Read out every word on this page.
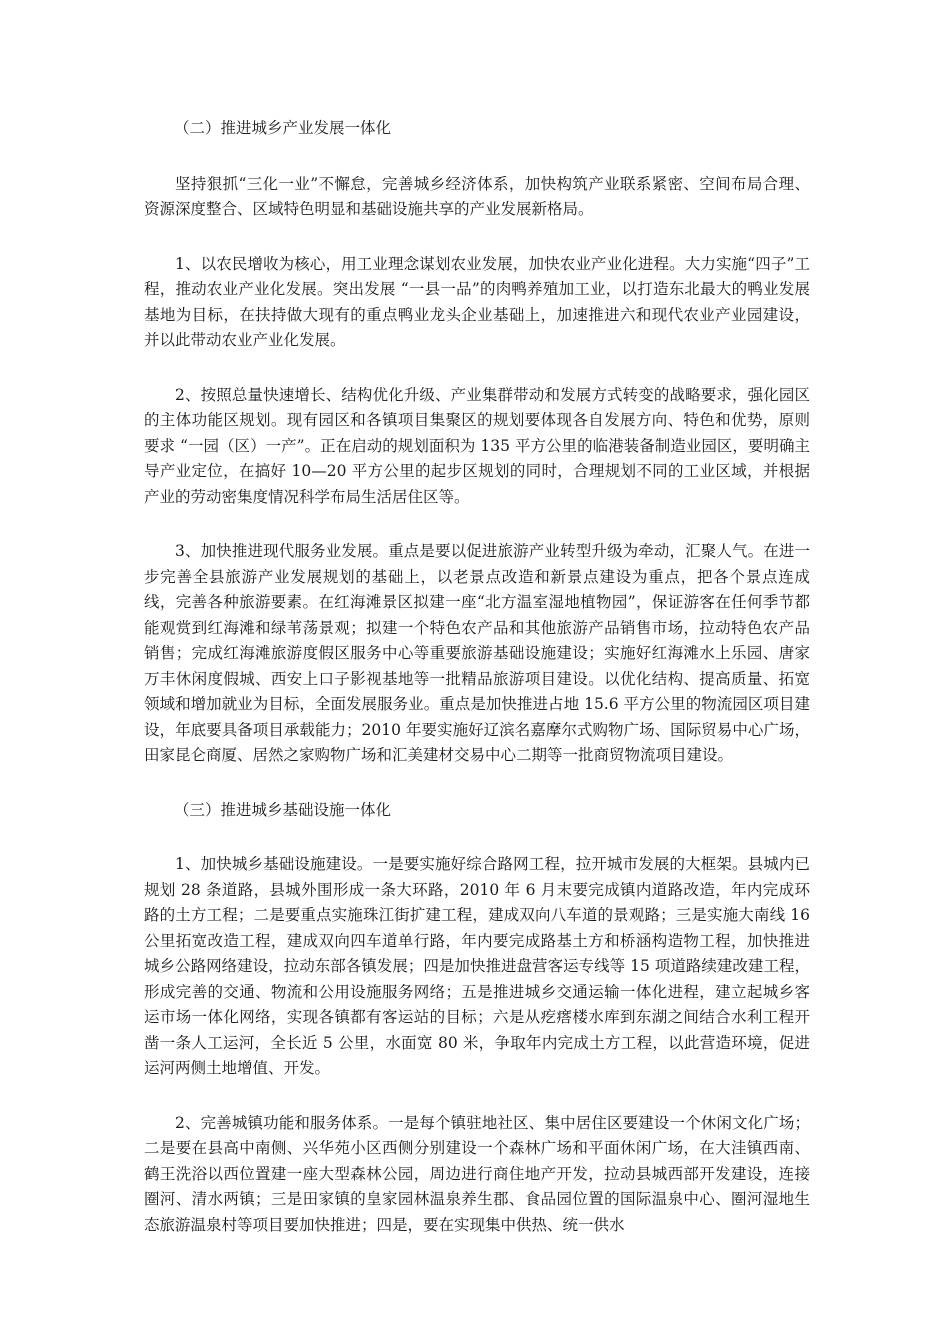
（二）推进城乡产业发展一体化

坚持狠抓“三化一业”不懈怠，完善城乡经济体系，加快构筑产业联系紧密、空间布局合理、资源深度整合、区域特色明显和基础设施共享的产业发展新格局。

1、以农民增收为核心，用工业理念谋划农业发展，加快农业产业化进程。大力实施“四子”工程，推动农业产业化发展。突出发展 “一县一品”的肉鸭养殖加工业，以打造东北最大的鸭业发展基地为目标，在扶持做大现有的重点鸭业龙头企业基础上，加速推进六和现代农业产业园建设，并以此带动农业产业化发展。

2、按照总量快速增长、结构优化升级、产业集群带动和发展方式转变的战略要求，强化园区的主体功能区规划。现有园区和各镇项目集聚区的规划要体现各自发展方向、特色和优势，原则要求 “一园（区）一产”。正在启动的规划面积为 135 平方公里的临港装备制造业园区，要明确主导产业定位，在搞好 10—20 平方公里的起步区规划的同时，合理规划不同的工业区域，并根据产业的劳动密集度情况科学布局生活居住区等。

3、加快推进现代服务业发展。重点是要以促进旅游产业转型升级为牵动，汇聚人气。在进一步完善全县旅游产业发展规划的基础上，以老景点改造和新景点建设为重点，把各个景点连成线，完善各种旅游要素。在红海滩景区拟建一座“北方温室湿地植物园”，保证游客在任何季节都能观赏到红海滩和绿苇荡景观；拟建一个特色农产品和其他旅游产品销售市场，拉动特色农产品销售；完成红海滩旅游度假区服务中心等重要旅游基础设施建设；实施好红海滩水上乐园、唐家万丰休闲度假城、西安上口子影视基地等一批精品旅游项目建设。以优化结构、提高质量、拓宽领域和增加就业为目标，全面发展服务业。重点是加快推进占地 15.6 平方公里的物流园区项目建设，年底要具备项目承载能力；2010 年要实施好辽滨名嘉摩尔式购物广场、国际贸易中心广场，田家昆仑商厦、居然之家购物广场和汇美建材交易中心二期等一批商贸物流项目建设。

（三）推进城乡基础设施一体化

1、加快城乡基础设施建设。一是要实施好综合路网工程，拉开城市发展的大框架。县城内已规划 28 条道路，县城外围形成一条大环路，2010 年 6 月末要完成镇内道路改造，年内完成环路的土方工程；二是要重点实施珠江街扩建工程，建成双向八车道的景观路；三是实施大南线 16 公里拓宽改造工程，建成双向四车道单行路，年内要完成路基土方和桥涵构造物工程，加快推进城乡公路网络建设，拉动东部各镇发展；四是加快推进盘营客运专线等 15 项道路续建改建工程，形成完善的交通、物流和公用设施服务网络；五是推进城乡交通运输一体化进程，建立起城乡客运市场一体化网络，实现各镇都有客运站的目标；六是从疙瘩楼水库到东湖之间结合水利工程开凿一条人工运河，全长近 5 公里，水面宽 80 米，争取年内完成土方工程，以此营造环境，促进运河两侧土地增值、开发。

2、完善城镇功能和服务体系。一是每个镇驻地社区、集中居住区要建设一个休闲文化广场；二是要在县高中南侧、兴华苑小区西侧分别建设一个森林广场和平面休闲广场，在大洼镇西南、鹤王洗浴以西位置建一座大型森林公园，周边进行商住地产开发，拉动县城西部开发建设，连接圈河、清水两镇；三是田家镇的皇家园林温泉养生郡、食品园位置的国际温泉中心、圈河湿地生态旅游温泉村等项目要加快推进；四是，要在实现集中供热、统一供水
